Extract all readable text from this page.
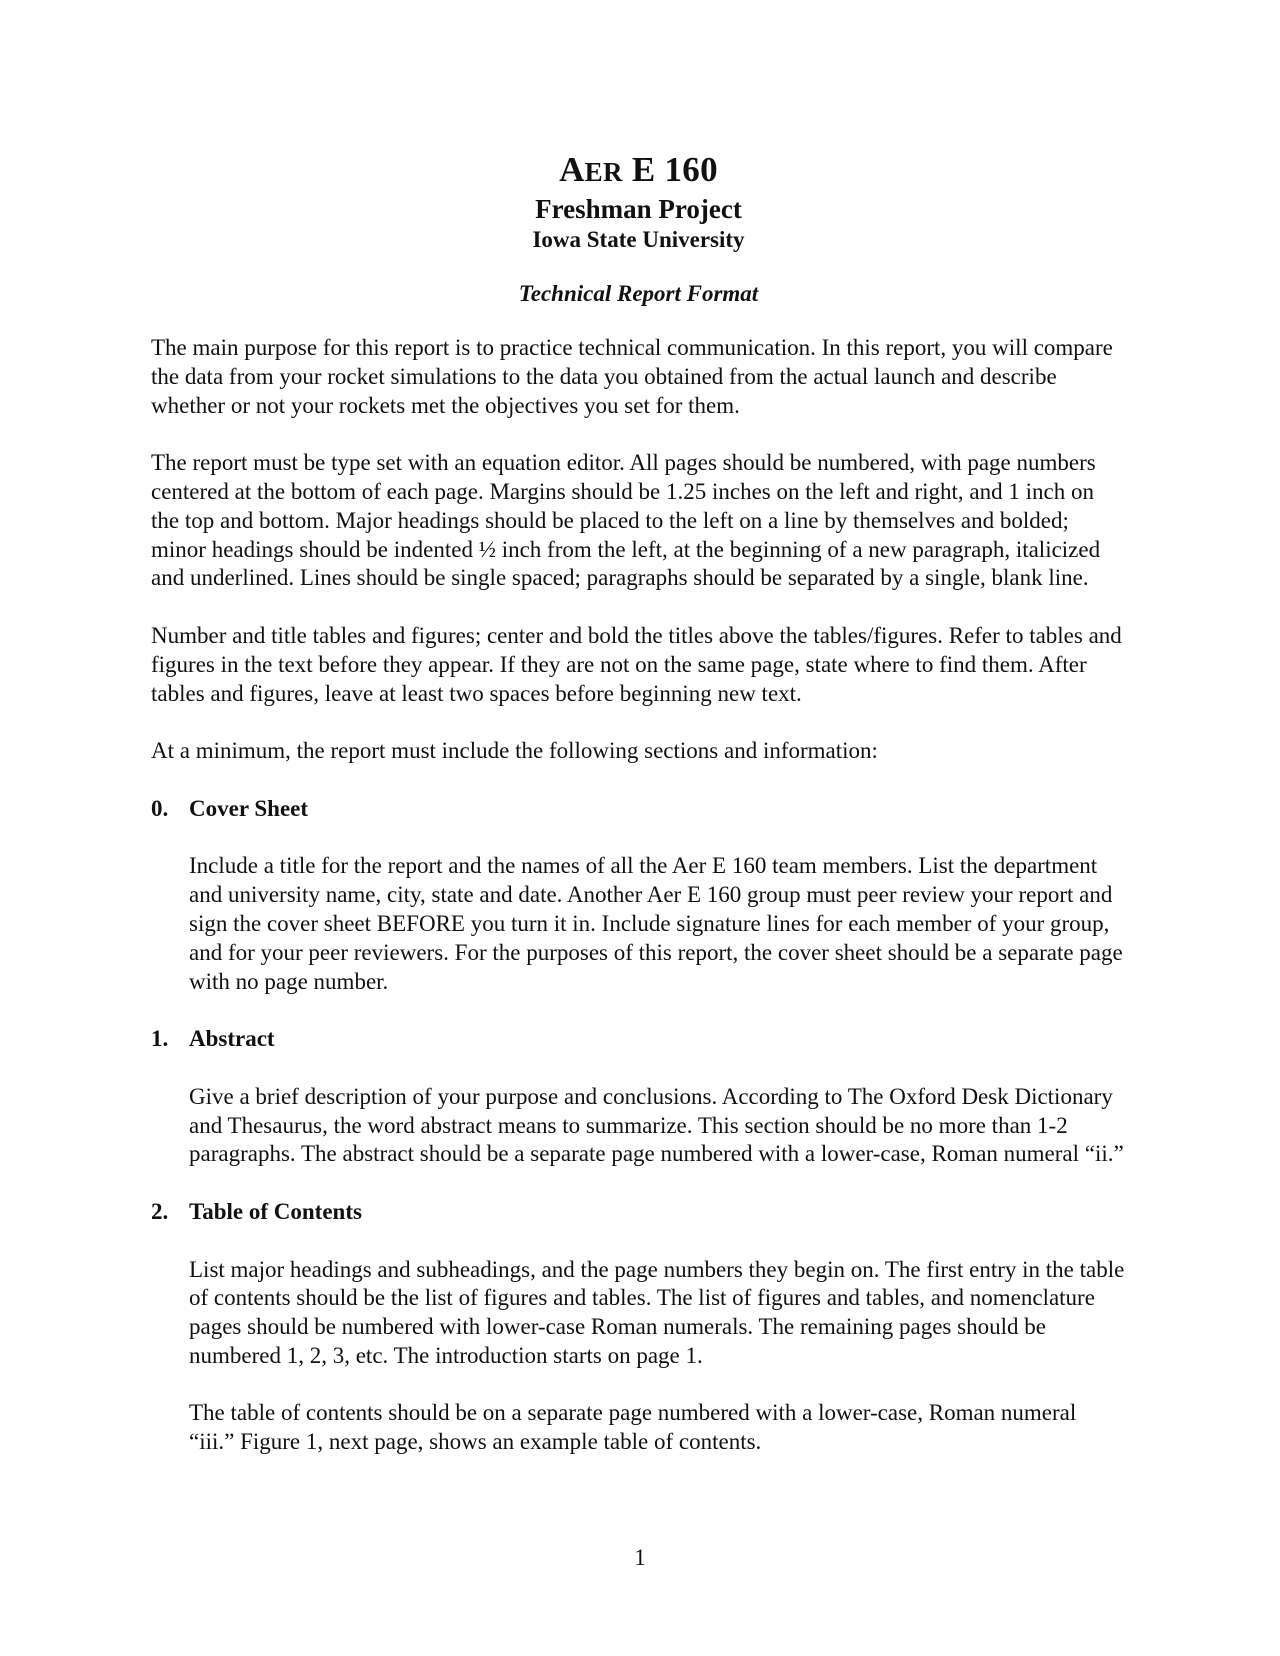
AER E 160
Freshman Project
Iowa State University
Technical Report Format

The main purpose for this report is to practice technical communication. In this report, you will compare the data from your rocket simulations to the data you obtained from the actual launch and describe whether or not your rockets met the objectives you set for them.

The report must be type set with an equation editor. All pages should be numbered, with page numbers centered at the bottom of each page. Margins should be 1.25 inches on the left and right, and 1 inch on the top and bottom. Major headings should be placed to the left on a line by themselves and bolded; minor headings should be indented ½ inch from the left, at the beginning of a new paragraph, italicized and underlined. Lines should be single spaced; paragraphs should be separated by a single, blank line.

Number and title tables and figures; center and bold the titles above the tables/figures. Refer to tables and figures in the text before they appear. If they are not on the same page, state where to find them. After tables and figures, leave at least two spaces before beginning new text.

At a minimum, the report must include the following sections and information:

0. Cover Sheet

Include a title for the report and the names of all the Aer E 160 team members. List the department and university name, city, state and date. Another Aer E 160 group must peer review your report and sign the cover sheet BEFORE you turn it in. Include signature lines for each member of your group, and for your peer reviewers. For the purposes of this report, the cover sheet should be a separate page with no page number.

1. Abstract

Give a brief description of your purpose and conclusions. According to The Oxford Desk Dictionary and Thesaurus, the word abstract means to summarize. This section should be no more than 1-2 paragraphs. The abstract should be a separate page numbered with a lower-case, Roman numeral “ii.”

2. Table of Contents

List major headings and subheadings, and the page numbers they begin on. The first entry in the table of contents should be the list of figures and tables. The list of figures and tables, and nomenclature pages should be numbered with lower-case Roman numerals. The remaining pages should be numbered 1, 2, 3, etc. The introduction starts on page 1.

The table of contents should be on a separate page numbered with a lower-case, Roman numeral “iii.” Figure 1, next page, shows an example table of contents.

1
